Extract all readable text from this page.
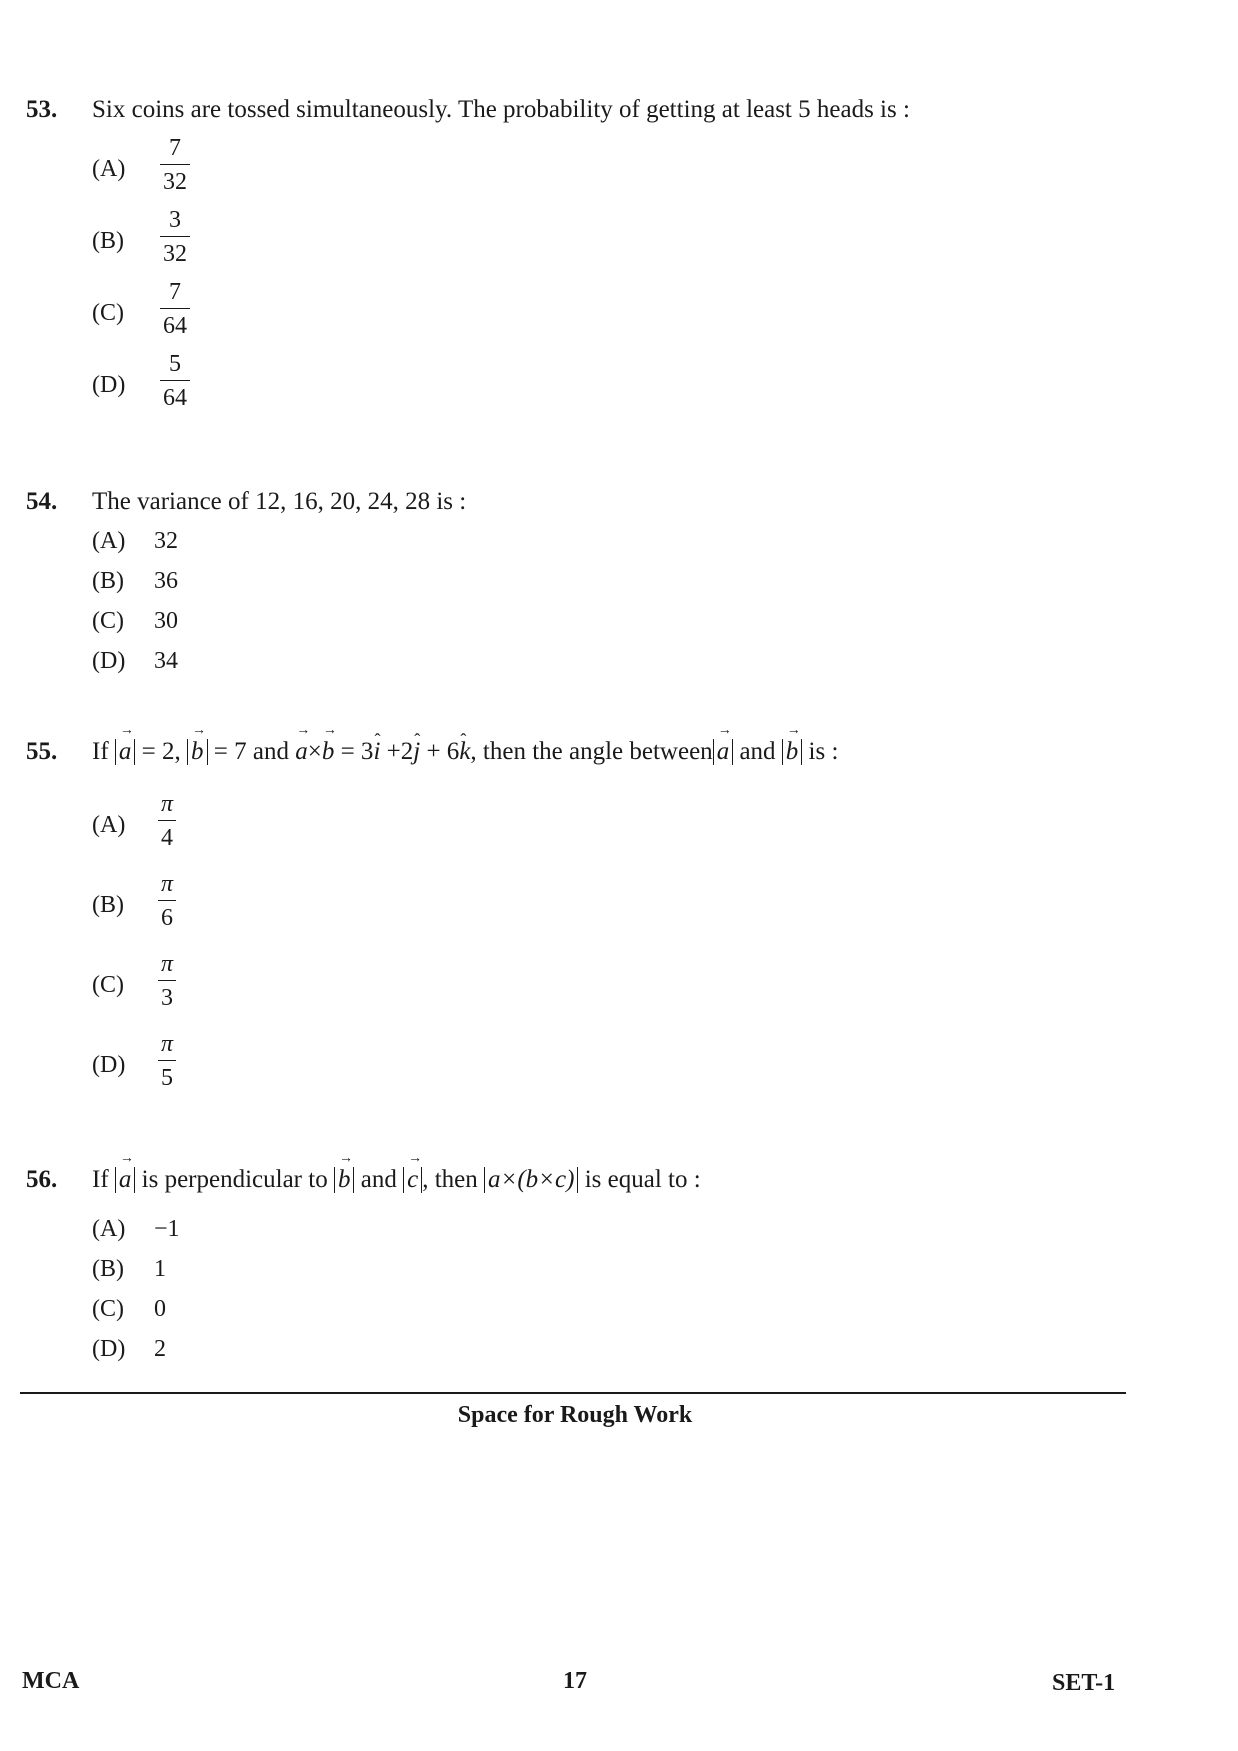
53. Six coins are tossed simultaneously. The probability of getting at least 5 heads is :
$(A) \frac{7}{32}$
$(B) \frac{3}{32}$
$(C) \frac{7}{64}$
$(D) \frac{5}{64}$
54. The variance of 12, 16, 20, 24, 28 is :
(A) 32
(B) 36
(C) 30
(D) 34
55. If → a = 2, → b = 7 and → a×→ b = 3ˆ i +2ˆ j + 6ˆ k, then the angle between → a and → b is :
$(A) \frac{\pi}{4}$
$(B) \frac{\pi}{6}$
$(C) \frac{\pi}{3}$
$(D) \frac{\pi}{5}$
56. If → a is perpendicular to → b and → c , then a×(b×c) is equal to :
(A) −1
(B) 1
(C) 0
(D) 2
Space for Rough Work
MCA	17	SET-1
